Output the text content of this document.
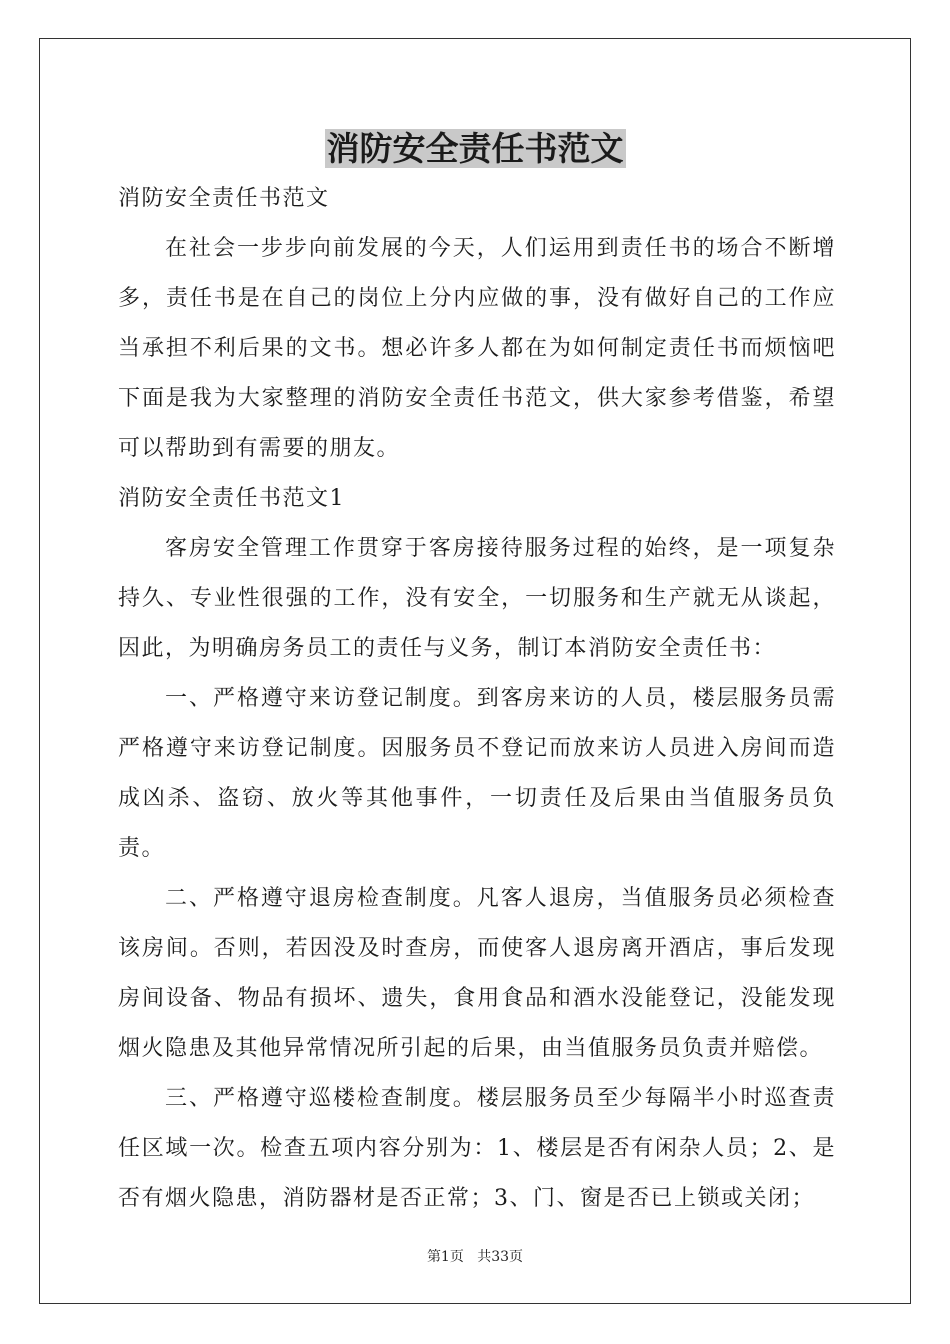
消防安全责任书范文

消防安全责任书范文

在社会一步步向前发展的今天，人们运用到责任书的场合不断增多，责任书是在自己的岗位上分内应做的事，没有做好自己的工作应当承担不利后果的文书。想必许多人都在为如何制定责任书而烦恼吧下面是我为大家整理的消防安全责任书范文，供大家参考借鉴，希望可以帮助到有需要的朋友。

消防安全责任书范文1

客房安全管理工作贯穿于客房接待服务过程的始终，是一项复杂持久、专业性很强的工作，没有安全，一切服务和生产就无从谈起，因此，为明确房务员工的责任与义务，制订本消防安全责任书：

一、严格遵守来访登记制度。到客房来访的人员，楼层服务员需严格遵守来访登记制度。因服务员不登记而放来访人员进入房间而造成凶杀、盗窃、放火等其他事件，一切责任及后果由当值服务员负责。

二、严格遵守退房检查制度。凡客人退房，当值服务员必须检查该房间。否则，若因没及时查房，而使客人退房离开酒店，事后发现房间设备、物品有损坏、遗失，食用食品和酒水没能登记，没能发现烟火隐患及其他异常情况所引起的后果，由当值服务员负责并赔偿。

三、严格遵守巡楼检查制度。楼层服务员至少每隔半小时巡查责任区域一次。检查五项内容分别为：1、楼层是否有闲杂人员；2、是否有烟火隐患，消防器材是否正常；3、门、窗是否已上锁或关闭；

第1页 共33页
